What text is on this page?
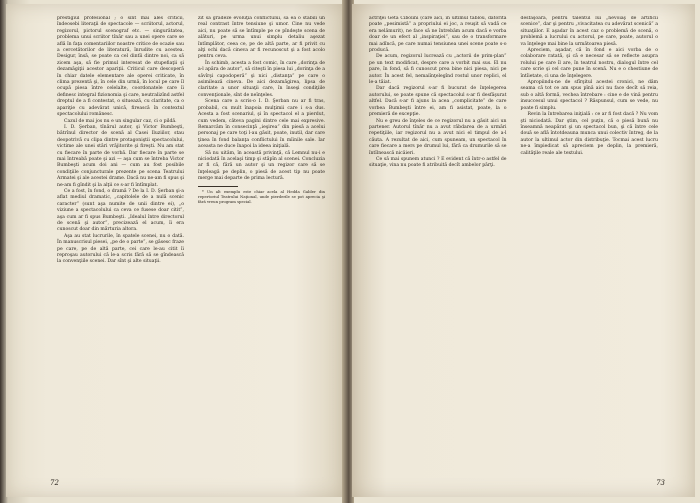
prestigiul profesional ; o sînt mai ales criticii, îndeosebi literaţii de spectacole — scriitorul, actorul, regizorul, pictorul scenograf etc. — singurătatea, problema unui scriitor tînăr sau a unei opere care se află în faţa comentariilor noastre critice de ocazie sau a cercetătorilor de literatură, înrudite cu acestea. Desigur, însă, se poate ca cel dintîi dintre noi, ca să zicem aşa, să fie primul interesat de stupefiaţii şi dezamăgiţii acestor apariţii. Criticul care descoperă în chiar datele elementare ale operei criticate, în clima prezentă şi, în cele din urmă, în locul pe care îl ocupă piesa între celelalte, coordonatele care îi definesc integral fizionomia şi care, neutralizînd astfel dreptul de a fi contestat, o situează, cu claritate, ca o apariţie cu adevărat unică, firească în contextul spectacolului românesc.

Cazul de mai jos nu e un singular caz, ci o pildă.

I. D. Şerban, tînărul autor, şi Victor Bumbeşti, bătrînul director de scenă al Casei Iluziilor, stau deopotrivă cu clipa dintre protagoniştii spectacolului, victime ale unei stări vrăjitorite şi fireşti. Nu am stat cu fiecare în parte de vorbă. Dar fiecare în parte se mai întreabă poate şi azi — aşa cum se întreba Victor Bumbeşti acum doi ani — cum au fost posibile condiţiile conjuncturale prezente pe scena Teatrului Armatei şi ale acestei drame. Dacă nu ne-am fi spus şi ne-am fi gîndit şi la alţii ce s-ar fi întîmplat.

Ce a fost, în fond, o dramă ? De la I. D. Şerban şi-a aflat mediul dramatic, „capitolele de a nulă scenic caracter” (sunt aşa numite de unii dintre ei), „o viziune a spectacolului ca ceva ce fusese doar citit”, aşa cum ar fi spus Bumbeşti. „Idealul între directorul de scenă şi autor”, precizează el acum, îi era cunoscut doar din mărturia altora.

Aşa au stat lucrurile, în spatele scenei, nu o dată. În manuscrisul piesei, „pe de o parte”, se găsesc fraze pe care, pe de altă parte, cei care le-au citit îi reproşau autorului că le-a scris fără să se gîndească la convenţiile scenei. Dar sînt şi alte situaţii.

zit să gradeze evoluţia conflictului, să ea o stabili un real contrast între tensiune şi umor. Cine nu vede aici, nu poate să se întîmple pe ce pîndeşte scena de alături, pe urma unui simplu detaliu aşezat întîmplător, ceea ce, pe de altă parte, ar fi privit cu alţi ochi dacă cineva ar fi recunoscut şi a fost acolo pentru ceva.

În schimb, acesta a fost comic, în care „dorinţa de a-l apăra de autor”, să citeşti în piesa lui „dorinţa de a săvîrşi capodoperă” şi nici „distanţa” pe care o asimilează cineva. De aici dezamăgirea, lipsa de claritate a unor situaţii care, în înseşi condiţiile convenţionale, sînt de neînţeles.

Scena care a scris-o I. D. Şerban nu ar fi tras, probabil, cu mult înapoia mulţimii care i s-a dus. Acesta a fost scenariul, şi în spectacol el a pierdut, cum vedem, câteva pagini dintre cele mai expresive. Remarcăm în consecinţă „ieşirea” din piesă a acelui personaj pe care toţi l-au găsit, poate, inutil, dar care ţinea în fond balanţa conflictului în mîinile sale. Iar aceasta ne duce înapoi la ideea iniţială.

Să nu uităm, în această privinţă, că Lemnul nu-i e niciodată în acelaşi timp şi stăpîn al scenei. Concluzia ar fi că, fără un autor şi un regizor care să se înţeleagă pe deplin, o piesă de acest tip nu poate merge mai departe de prima lectură.

* Un alt exemplu este chiar acela al Hedda Gabler din repertoriul Teatrului Naţional, unde pierderile se pot aprecia şi fără vreun program special.

72

actriţei Geta Cibolini (care aici, în ultimul tablou, datorită poate „pesimistă” a propriului ei joc, a reuşit să vadă ce era nelămurit), ne face să ne întrebăm acum dacă e vorba doar de un efect al „inspiraţiei”, sau de o transformare mai adîncă, pe care numai tensiunea unei scene poate s-o producă.

De acum, regizorul lucrează cu „actorii de prim-plan” pe un text modificat, despre care a vorbit mai sus. El nu pare, în fond, să fi cunoscut prea bine nici piesa, nici pe autor. În acest fel, nemaiînţelegînd rostul unor replici, el le-a tăiat.

Dar dacă regizorul s-ar fi bucurat de înţelegerea autorului, se poate spune că spectacolul s-ar fi desfăşurat altfel. Dacă s-ar fi ajuns la acea „complicitate” de care vorbea Bumbeşti între ei, am fi asistat, poate, la o premieră de excepţie.

Nu e greu de înţeles de ce regizorul nu a găsit aici un partener. Autorul tînăr nu a avut răbdarea de a urmări repetiţiile, iar regizorul nu a avut nici el timpul de a-l căuta. A rezultat de aici, cum spuneam, un spectacol în care fiecare a mers pe drumul lui, fără ca drumurile să se întîlnească nicăieri.

Ce să mai spunem atunci ? E evident că într-o astfel de situaţie, vina nu poate fi atribuită decît ambelor părţi.

desfăşoară, pentru talentul lui „nevoiaş de artificii scenice”, dar şi pentru „vivacitatea cu adevărat scenică” a situaţiilor. E aşadar în acest caz o problemă de scenă, o problemă a lucrului cu actorul, pe care, poate, autorul o va înţelege mai bine la următoarea piesă.

Apreciem, aşadar, că în fond e aici vorba de o colaborare ratată, şi că e necesar să se reflecte asupra rolului pe care îl are, în teatrul nostru, dialogul între cel care scrie şi cel care pune în scenă. Nu e o chestiune de întîietate, ci una de înţelegere.

Apropiindu-ne de sfîrşitul acestei cronici, ne dăm seama că tot ce am spus pînă aici nu face decît să reia, sub o altă formă, vechea întrebare : cine e de vină pentru insuccesul unui spectacol ? Răspunsul, cum se vede, nu poate fi simplu.

Revin la întrebarea iniţială : ce ar fi fost dacă ? Nu vom şti niciodată. Dar ştim, cel puţin, că o piesă bună nu înseamnă neapărat şi un spectacol bun, şi că între cele două se află întotdeauna munca unui colectiv întreg, de la autor la ultimul actor din distribuţie. Tocmai acest lucru ne-a împiedicat să apreciem pe deplin, la premieră, calităţile reale ale textului.

73
